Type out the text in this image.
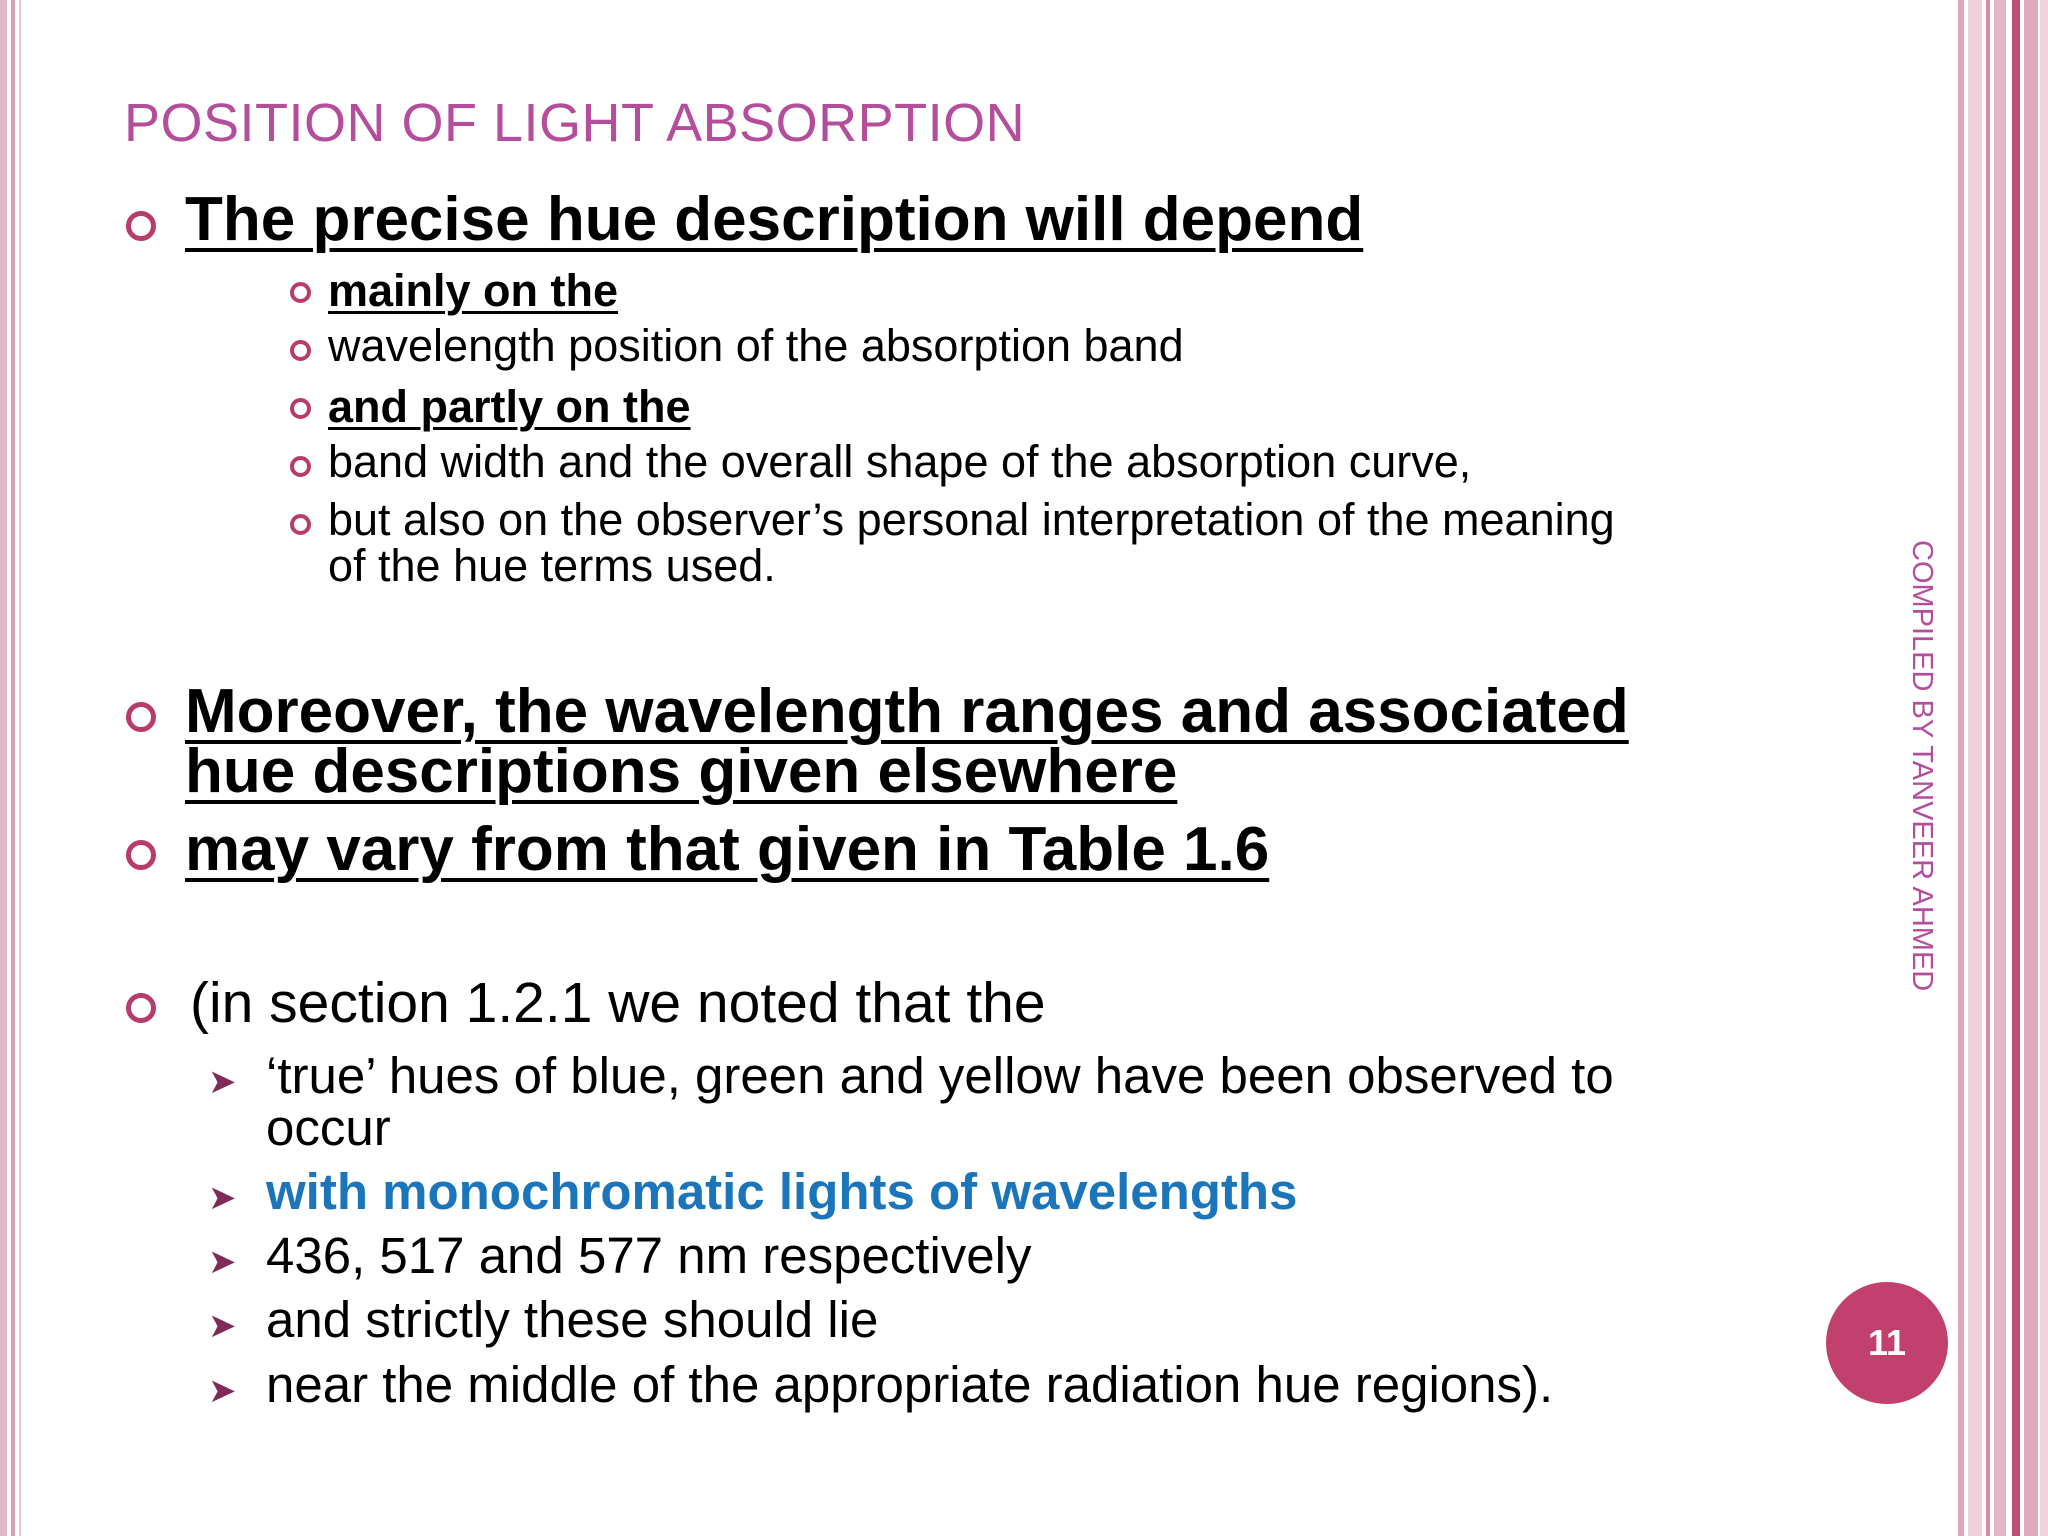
POSITION OF LIGHT ABSORPTION
The precise hue description will depend
mainly on the
wavelength position of the absorption band
and partly on the
band width and the overall shape of the absorption curve,
but also on the observer’s personal interpretation of the meaning
of the hue terms used.
Moreover, the wavelength ranges and associated
hue descriptions given elsewhere
may vary from that given in Table 1.6
(in section 1.2.1 we noted that the
➤ ‘true’ hues of blue, green and yellow have been observed to
occur
➤ with monochromatic lights of wavelengths
➤ 436, 517 and 577 nm respectively
➤ and strictly these should lie
➤ near the middle of the appropriate radiation hue regions).
COMPILED BY TANVEER AHMED
11
